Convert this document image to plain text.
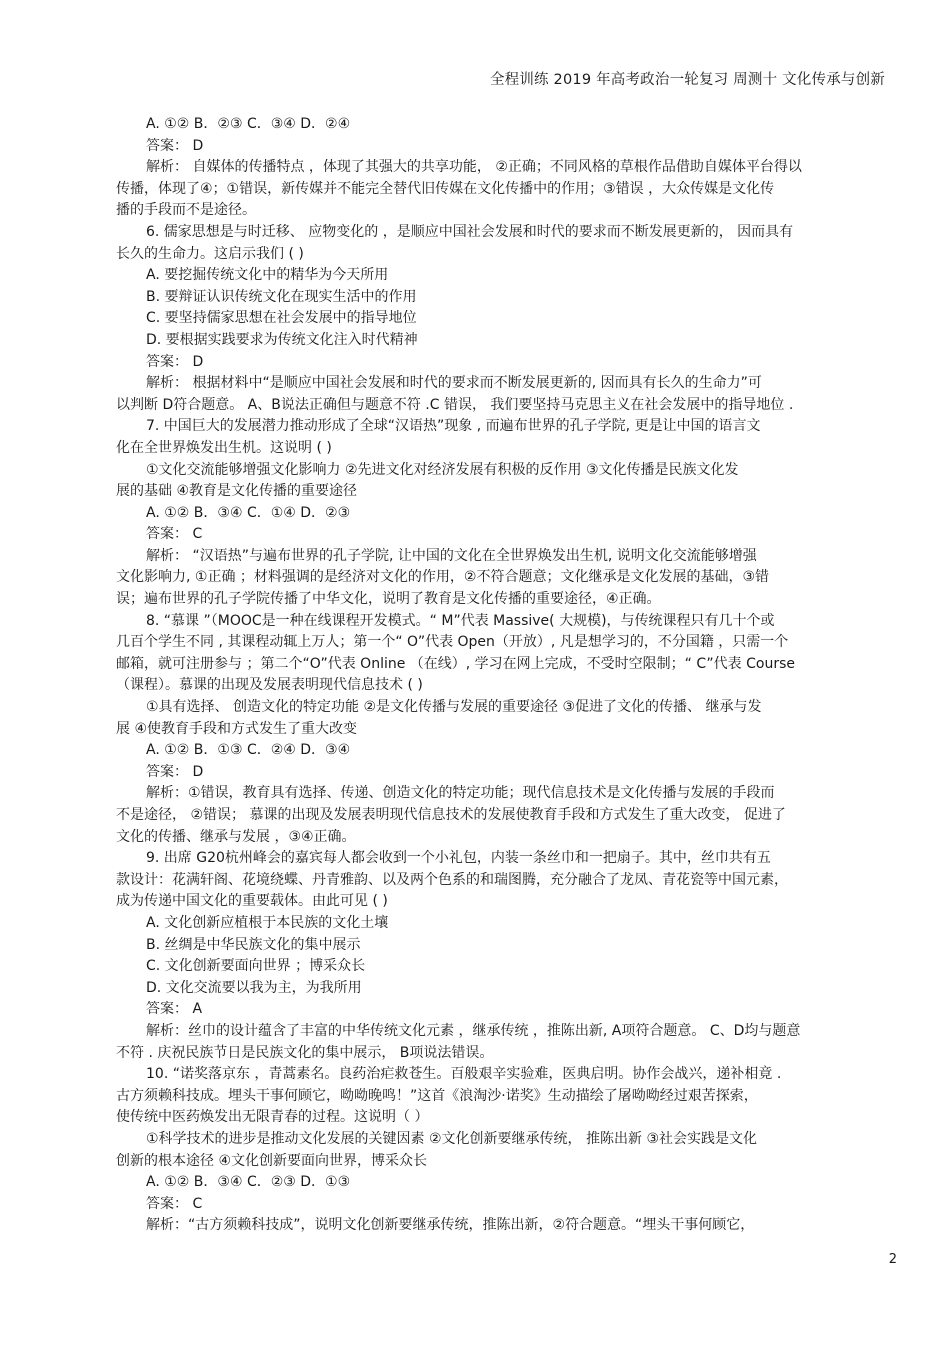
全程训练 2019 年高考政治一轮复习 周测十 文化传承与创新
A. ①② B．②③ C．③④ D．②④
答案： D
解析： 自媒体的传播特点 ，体现了其强大的共享功能， ②正确；不同风格的草根作品借助自媒体平台得以
传播，体现了④；①错误，新传媒并不能完全替代旧传媒在文化传播中的作用；③错误 ，大众传媒是文化传
播的手段而不是途径。
6. 儒家思想是与时迁移、 应物变化的 ，是顺应中国社会发展和时代的要求而不断发展更新的， 因而具有
长久的生命力。这启示我们 ( )
A. 要挖掘传统文化中的精华为今天所用
B. 要辩证认识传统文化在现实生活中的作用
C. 要坚持儒家思想在社会发展中的指导地位
D. 要根据实践要求为传统文化注入时代精神
答案： D
解析： 根据材料中“是顺应中国社会发展和时代的要求而不断发展更新的, 因而具有长久的生命力”可
以判断 D符合题意。 A、B说法正确但与题意不符 .C 错误， 我们要坚持马克思主义在社会发展中的指导地位 .
7. 中国巨大的发展潜力推动形成了全球“汉语热”现象 , 而遍布世界的孔子学院, 更是让中国的语言文
化在全世界焕发出生机。这说明 ( )
①文化交流能够增强文化影响力 ②先进文化对经济发展有积极的反作用 ③文化传播是民族文化发
展的基础 ④教育是文化传播的重要途径
A. ①② B．③④ C．①④ D．②③
答案： C
解析： “汉语热”与遍布世界的孔子学院, 让中国的文化在全世界焕发出生机, 说明文化交流能够增强
文化影响力, ①正确 ；材料强调的是经济对文化的作用，②不符合题意；文化继承是文化发展的基础，③错
误；遍布世界的孔子学院传播了中华文化，说明了教育是文化传播的重要途径，④正确。
8. “慕课 ”（MOOC是一种在线课程开发模式。“ M”代表 Massive( 大规模)，与传统课程只有几十个或
几百个学生不同 , 其课程动辄上万人；第一个“ O”代表 Open（开放）, 凡是想学习的，不分国籍 ，只需一个
邮箱，就可注册参与 ；第二个“O”代表 Online （在线）, 学习在网上完成，不受时空限制；“ C”代表 Course
（课程）。慕课的出现及发展表明现代信息技术 ( )
①具有选择、 创造文化的特定功能 ②是文化传播与发展的重要途径 ③促进了文化的传播、 继承与发
展 ④使教育手段和方式发生了重大改变
A. ①② B．①③ C．②④ D．③④
答案： D
解析：①错误，教育具有选择、传递、创造文化的特定功能；现代信息技术是文化传播与发展的手段而
不是途径， ②错误； 慕课的出现及发展表明现代信息技术的发展使教育手段和方式发生了重大改变， 促进了
文化的传播、继承与发展 ，③④正确。
9. 出席 G20杭州峰会的嘉宾每人都会收到一个小礼包，内装一条丝巾和一把扇子。其中，丝巾共有五
款设计：花满轩阁、花境绕蝶、丹青雅韵、以及两个色系的和瑞图腾，充分融合了龙凤、青花瓷等中国元素，
成为传递中国文化的重要载体。由此可见 ( )
A. 文化创新应植根于本民族的文化土壤
B. 丝绸是中华民族文化的集中展示
C. 文化创新要面向世界 ；博采众长
D. 文化交流要以我为主，为我所用
答案： A
解析：丝巾的设计蕴含了丰富的中华传统文化元素 ，继承传统 ，推陈出新, A项符合题意。 C、D均与题意
不符 . 庆祝民族节日是民族文化的集中展示， B项说法错误。
10. “诺奖落京东 ，青蒿素名。良药治疟救苍生。百般艰辛实验难，医典启明。协作会战兴，递补相竟 .
古方须赖科技成。埋头干事何顾它，呦呦晚鸣！”这首《浪淘沙·诺奖》生动描绘了屠呦呦经过艰苦探索，
使传统中医药焕发出无限青春的过程。这说明（ ）
①科学技术的进步是推动文化发展的关键因素 ②文化创新要继承传统， 推陈出新 ③社会实践是文化
创新的根本途径 ④文化创新要面向世界，博采众长
A. ①② B．③④ C．②③ D．①③
答案： C
解析：“古方须赖科技成”，说明文化创新要继承传统，推陈出新，②符合题意。“埋头干事何顾它，
2
